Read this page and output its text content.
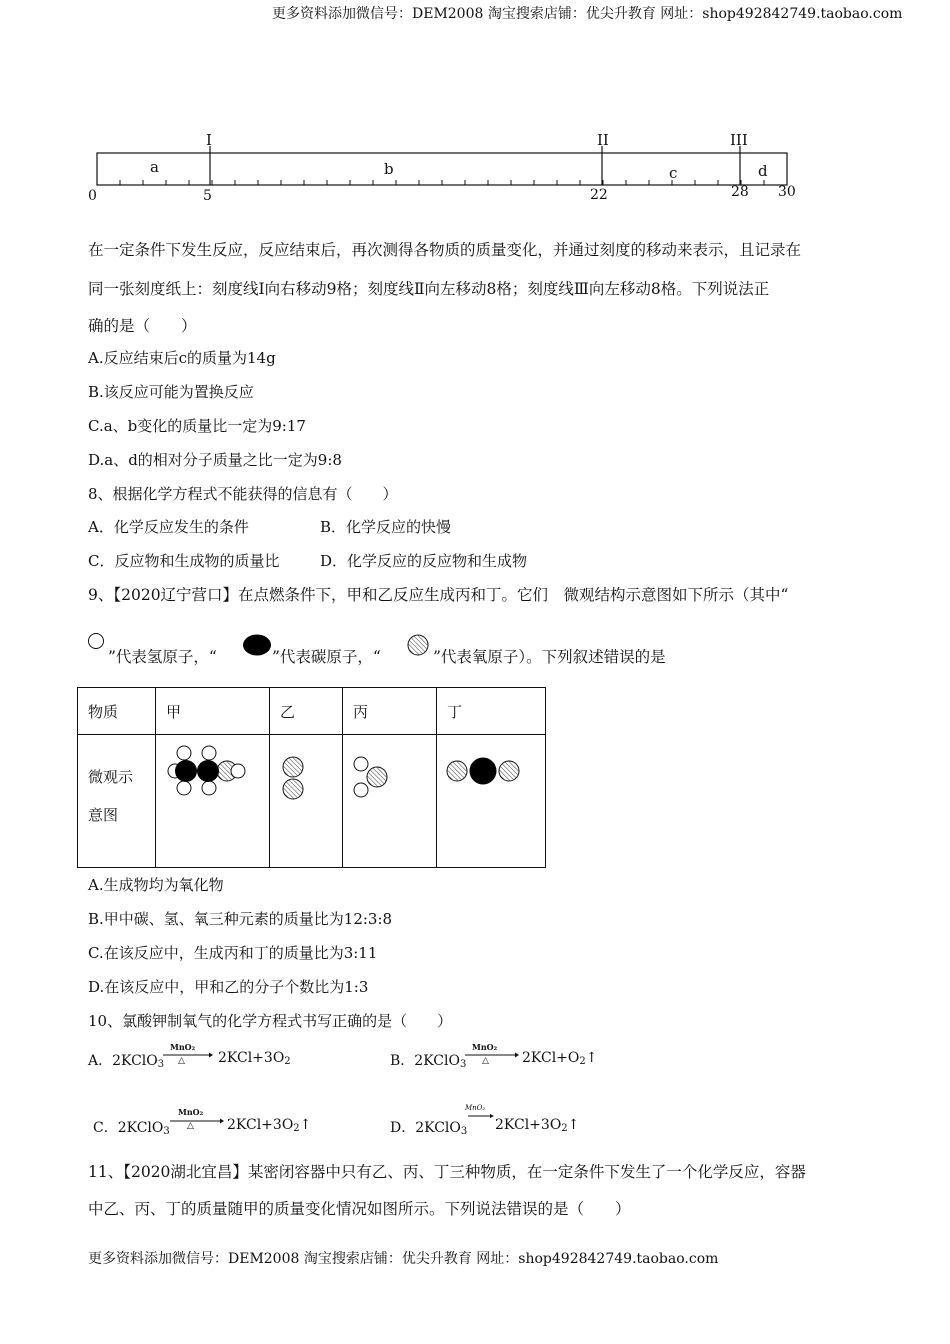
更多资料添加微信号：DEM2008 淘宝搜索店铺：优尖升教育 网址：shop492842749.taobao.com
I	II	III
a	b	c	d
0	5	22	28 30
在一定条件下发生反应，反应结束后，再次测得各物质的质量变化，并通过刻度的移动来表示，且记录在
同一张刻度纸上：刻度线Ⅰ向右移动9格；刻度线Ⅱ向左移动8格；刻度线Ⅲ向左移动8格。下列说法正
确的是（　　）
A.反应结束后c的质量为14g
B.该反应可能为置换反应
C.a、b变化的质量比一定为9:17
D.a、d的相对分子质量之比一定为9:8
8、根据化学方程式不能获得的信息有（　　）
A．化学反应发生的条件	B．化学反应的快慢
C．反应物和生成物的质量比	D．化学反应的反应物和生成物
9、【2020辽宁营口】在点燃条件下，甲和乙反应生成丙和丁。它们　微观结构示意图如下所示（其中“
”代表氢原子，“	”代表碳原子，“	”代表氧原子）。下列叙述错误的是
物质	甲	乙	丙	丁

微观示
意图				

A.生成物均为氧化物
B.甲中碳、氢、氧三种元素的质量比为12:3:8
C.在该反应中，生成丙和丁的质量比为3:11
D.在该反应中，甲和乙的分子个数比为1:3
10、氯酸钾制氧气的化学方程式书写正确的是（　　）
A．2KClO$_3$
MnO₂
△ $2KCl+3O_2$	B．2KClO$_3$
MnO₂
△ $2KCl+O_2↑$
C．2KClO$_3$
MnO₂
△ $2KCl+3O_2↑$	D．2KClO$_3$
MnO₂
$2KCl+3O_2↑$
11、【2020湖北宜昌】某密闭容器中只有乙、丙、丁三种物质，在一定条件下发生了一个化学反应，容器
中乙、丙、丁的质量随甲的质量变化情况如图所示。下列说法错误的是（　　）
更多资料添加微信号：DEM2008 淘宝搜索店铺：优尖升教育 网址：shop492842749.taobao.com
